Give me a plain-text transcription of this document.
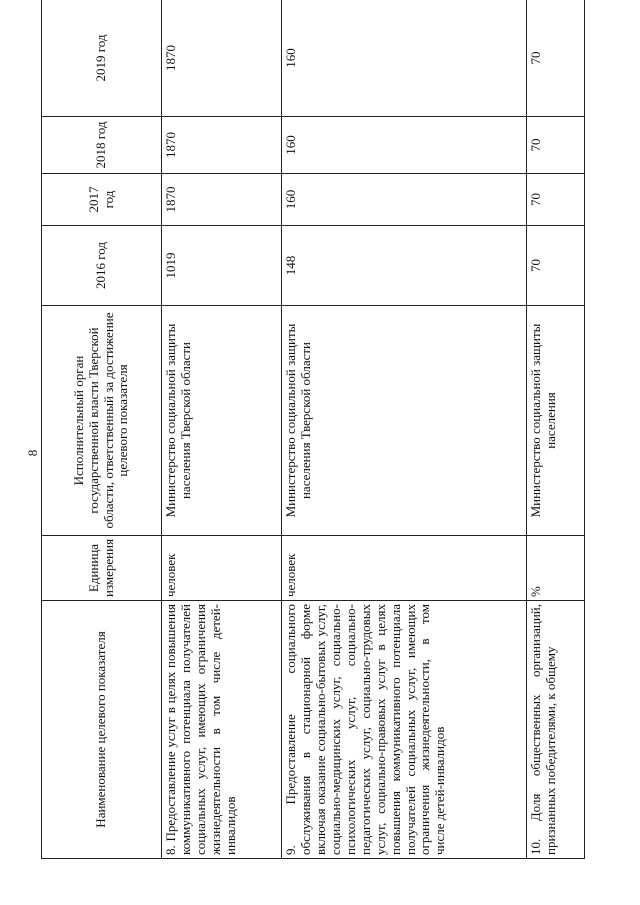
8
Наименование целевого показателя	Единица измерения	Исполнительный орган государственной власти Тверской области, ответственный за достижение целевого показателя	2016 год	2017 год	2018 год	2019 год
8. Предоставление услуг в целях повышения коммуникативного потенциала получателей социальных услуг, имеющих ограничения жизнедеятельности в том числе детей-инвалидов	человек	Министерство социальной защиты населения Тверской области	1019	1870	1870	1870
9. Предоставление социального обслуживания в стационарной форме включая оказание социально-бытовых услуг, социально-медицинских услуг, социально-психологических услуг, социально-педагогических услуг, социально-трудовых услуг, социально-правовых услуг в целях повышения коммуникативного потенциала получателей социальных услуг, имеющих ограничения жизнедеятельности, в том числе детей-инвалидов	человек	Министерство социальной защиты населения Тверской области	148	160	160	160
10. Доля общественных организаций, признанных победителями, к общему	%	Министерство социальной защиты населения	70	70	70	70
